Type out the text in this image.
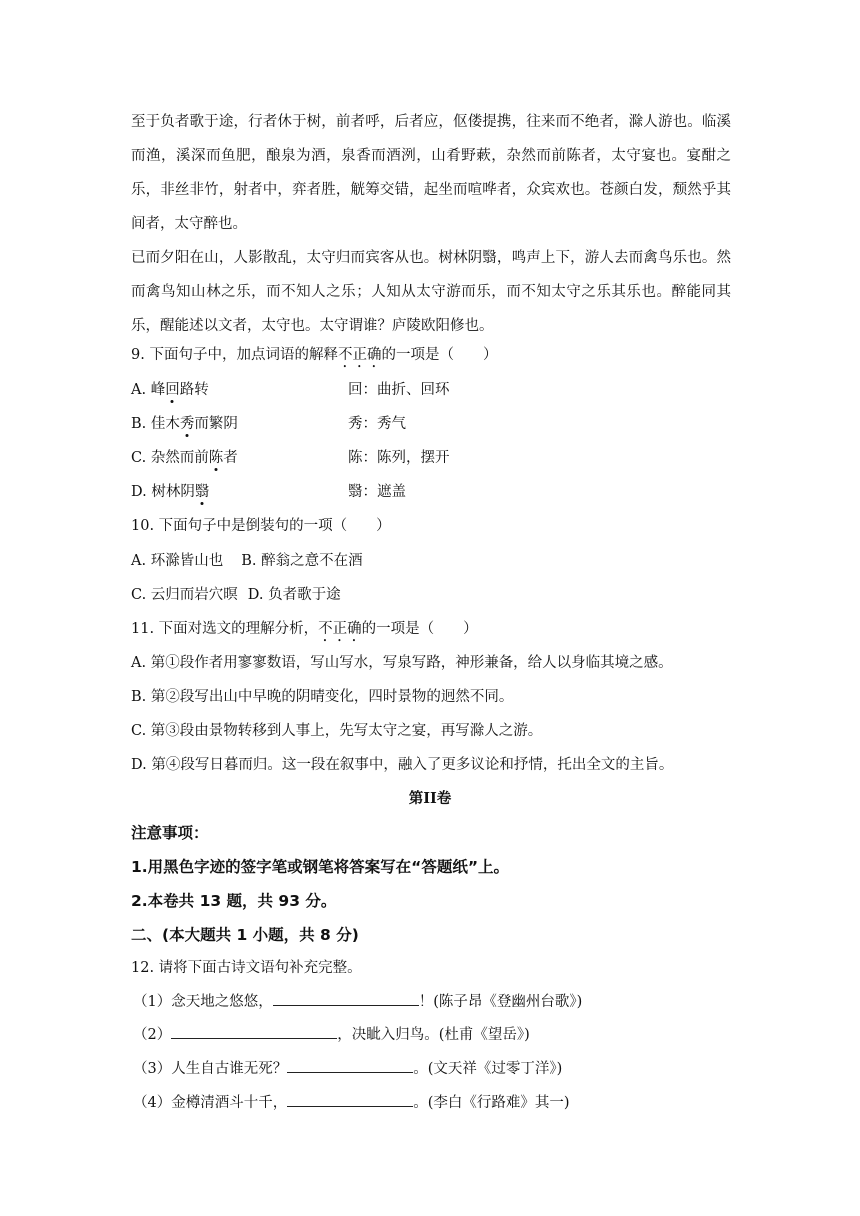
至于负者歌于途，行者休于树，前者呼，后者应，伛偻提携，往来而不绝者，滁人游也。临溪而渔，溪深而鱼肥，酿泉为酒，泉香而酒洌，山肴野蔌，杂然而前陈者，太守宴也。宴酣之乐，非丝非竹，射者中，弈者胜，觥筹交错，起坐而喧哗者，众宾欢也。苍颜白发，颓然乎其间者，太守醉也。
已而夕阳在山，人影散乱，太守归而宾客从也。树林阴翳，鸣声上下，游人去而禽鸟乐也。然而禽鸟知山林之乐，而不知人之乐；人知从太守游而乐，而不知太守之乐其乐也。醉能同其乐，醒能述以文者，太守也。太守谓谁？庐陵欧阳修也。
9. 下面句子中，加点词语的解释不正确的一项是（　　）
A. 峰回路转	回：曲折、回环
B. 佳木秀而繁阴	秀：秀气
C. 杂然而前陈者	陈：陈列，摆开
D. 树林阴翳	翳：遮盖
10. 下面句子中是倒装句的一项（　　）
A. 环滁皆山也 B. 醉翁之意不在酒
C. 云归而岩穴暝 D. 负者歌于途
11. 下面对选文的理解分析，不正确的一项是（　　）
A. 第①段作者用寥寥数语，写山写水，写泉写路，神形兼备，给人以身临其境之感。
B. 第②段写出山中早晚的阴晴变化，四时景物的迥然不同。
C. 第③段由景物转移到人事上，先写太守之宴，再写滁人之游。
D. 第④段写日暮而归。这一段在叙事中，融入了更多议论和抒情，托出全文的主旨。
第II卷
注意事项：
1.用黑色字迹的签字笔或钢笔将答案写在“答题纸”上。
2.本卷共 13 题，共 93 分。
二、(本大题共 1 小题，共 8 分)
12. 请将下面古诗文语句补充完整。
（1）念天地之悠悠，	！(陈子昂《登幽州台歌》)
（2）	，决眦入归鸟。(杜甫《望岳》)
（3）人生自古谁无死？	。(文天祥《过零丁洋》)
（4）金樽清酒斗十千，	。(李白《行路难》其一)
